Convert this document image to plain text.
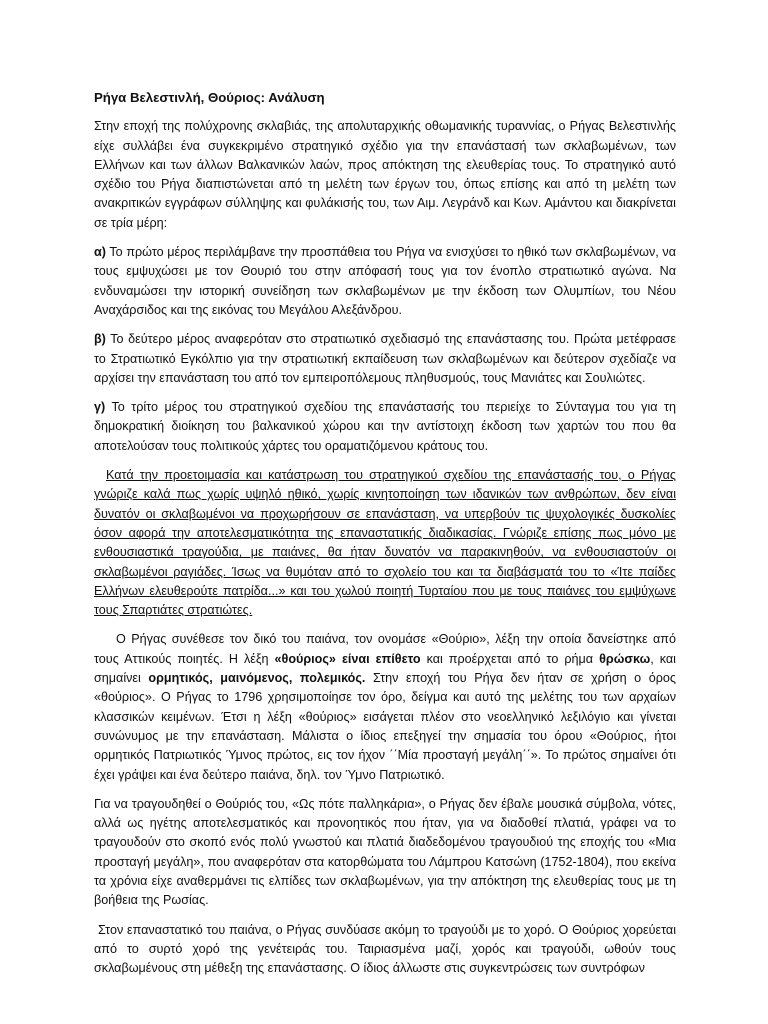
Ρήγα Βελεστινλή, Θούριος: Ανάλυση

Στην εποχή της πολύχρονης σκλαβιάς, της απολυταρχικής οθωμανικής τυραννίας, ο Ρήγας Βελεστινλής είχε συλλάβει ένα συγκεκριμένο στρατηγικό σχέδιο για την επανάστασή των σκλαβωμένων, των Ελλήνων και των άλλων Βαλκανικών λαών, προς απόκτηση της ελευθερίας τους. Το στρατηγικό αυτό σχέδιο του Ρήγα διαπιστώνεται από τη μελέτη των έργων του, όπως επίσης και από τη μελέτη των ανακριτικών εγγράφων σύλληψης και φυλάκισής του, των Αιμ. Λεγράνδ και Κων. Αμάντου και διακρίνεται σε τρία μέρη:

α) Το πρώτο μέρος περιλάμβανε την προσπάθεια του Ρήγα να ενισχύσει το ηθικό των σκλαβωμένων, να τους εμψυχώσει με τον Θουριό του στην απόφασή τους για τον ένοπλο στρατιωτικό αγώνα. Να ενδυναμώσει την ιστορική συνείδηση των σκλαβωμένων με την έκδοση των Ολυμπίων, του Νέου Αναχάρσιδος και της εικόνας του Μεγάλου Αλεξάνδρου.

β) Το δεύτερο μέρος αναφερόταν στο στρατιωτικό σχεδιασμό της επανάστασης του. Πρώτα μετέφρασε το Στρατιωτικό Εγκόλπιο για την στρατιωτική εκπαίδευση των σκλαβωμένων και δεύτερον σχεδίαζε να αρχίσει την επανάσταση του από τον εμπειροπόλεμους πληθυσμούς, τους Μανιάτες και Σουλιώτες.

γ) Το τρίτο μέρος του στρατηγικού σχεδίου της επανάστασής του περιείχε το Σύνταγμα του για τη δημοκρατική διοίκηση του βαλκανικού χώρου και την αντίστοιχη έκδοση των χαρτών του που θα αποτελούσαν τους πολιτικούς χάρτες του οραματιζόμενου κράτους του.

Κατά την προετοιμασία και κατάστρωση του στρατηγικού σχεδίου της επανάστασής του, ο Ρήγας γνώριζε καλά πως χωρίς υψηλό ηθικό, χωρίς κινητοποίηση των ιδανικών των ανθρώπων, δεν είναι δυνατόν οι σκλαβωμένοι να προχωρήσουν σε επανάσταση, να υπερβούν τις ψυχολογικές δυσκολίες όσον αφορά την αποτελεσματικότητα της επαναστατικής διαδικασίας. Γνώριζε επίσης πως μόνο με ενθουσιαστικά τραγούδια, με παιάνες, θα ήταν δυνατόν να παρακινηθούν, να ενθουσιαστούν οι σκλαβωμένοι ραγιάδες. Ίσως να θυμόταν από το σχολείο του και τα διαβάσματά του το «Ίτε παίδες Ελλήνων ελευθερούτε πατρίδα...» και του χωλού ποιητή Τυρταίου που με τους παιάνες του εμψύχωνε τους Σπαρτιάτες στρατιώτες.

Ο Ρήγας συνέθεσε τον δικό του παιάνα, τον ονομάσε «Θούριο», λέξη την οποία δανείστηκε από τους Αττικούς ποιητές. Η λέξη «θούριος» είναι επίθετο και προέρχεται από το ρήμα θρώσκω, και σημαίνει ορμητικός, μαινόμενος, πολεμικός. Στην εποχή του Ρήγα δεν ήταν σε χρήση ο όρος «θούριος». Ο Ρήγας το 1796 χρησιμοποίησε τον όρο, δείγμα και αυτό της μελέτης του των αρχαίων κλασσικών κειμένων. Έτσι η λέξη «θούριος» εισάγεται πλέον στο νεοελληνικό λεξιλόγιο και γίνεται συνώνυμος με την επανάσταση. Μάλιστα ο ίδιος επεξηγεί την σημασία του όρου «Θούριος, ήτοι ορμητικός Πατριωτικός Ύμνος πρώτος, εις τον ήχον ΄΄Μία προσταγή μεγάλη΄΄». Το πρώτος σημαίνει ότι έχει γράψει και ένα δεύτερο παιάνα, δηλ. τον Ύμνο Πατριωτικό.

Για να τραγουδηθεί ο Θούριός του, «Ως πότε παλληκάρια», ο Ρήγας δεν έβαλε μουσικά σύμβολα, νότες, αλλά ως ηγέτης αποτελεσματικός και προνοητικός που ήταν, για να διαδοθεί πλατιά, γράφει να το τραγουδούν στο σκοπό ενός πολύ γνωστού και πλατιά διαδεδομένου τραγουδιού της εποχής του «Μια προσταγή μεγάλη», που αναφερόταν στα κατορθώματα του Λάμπρου Κατσώνη (1752-1804), που εκείνα τα χρόνια είχε αναθερμάνει τις ελπίδες των σκλαβωμένων, για την απόκτηση της ελευθερίας τους με τη βοήθεια της Ρωσίας.

Στον επαναστατικό του παιάνα, ο Ρήγας συνδύασε ακόμη το τραγούδι με το χορό. Ο Θούριος χορεύεται από το συρτό χορό της γενέτειράς του. Ταιριασμένα μαζί, χορός και τραγούδι, ωθούν τους σκλαβωμένους στη μέθεξη της επανάστασης. Ο ίδιος άλλωστε στις συγκεντρώσεις των συντρόφων
